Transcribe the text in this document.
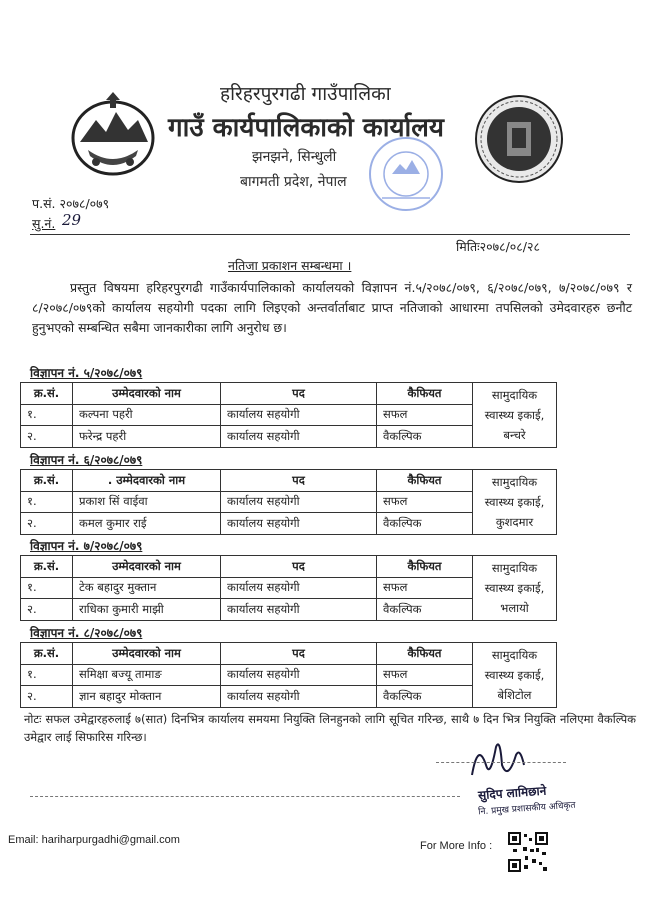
हरिहरपुरगढी गाउँपालिका
गाउँ कार्यपालिकाको कार्यालय
झनझने, सिन्धुली
बागमती प्रदेश, नेपाल
प.सं. २०७८/०७९
सु.नं. 29
मितिः२०७८/०८/२८
नतिजा प्रकाशन सम्बन्धमा ।
प्रस्तुत विषयमा हरिहरपुरगढी गाउँकार्यपालिकाको कार्यालयको विज्ञापन नं.५/२०७८/०७९, ६/२०७८/०७९, ७/२०७८/०७९ र ८/२०७८/०७९को कार्यालय सहयोगी पदका लागि लिइएको अन्तर्वार्ताबाट प्राप्त नतिजाको आधारमा तपसिलको उमेदवारहरु छनौट हुनुभएको सम्बन्धित सबैमा जानकारीका लागि अनुरोध छ।
विज्ञापन नं. ५/२०७८/०७९
क्र.सं.	उम्मेदवारको नाम	पद	कैफियत	सामुदायिक
स्वास्थ्य इकाई,
बन्चरे

१.	कल्पना पहरी	कार्यालय सहयोगी	सफल	
२.	फरेन्द्र पहरी	कार्यालय सहयोगी	वैकल्पिक	
विज्ञापन नं. ६/२०७८/०७९
क्र.सं.	. उम्मेदवारको नाम	पद	कैफियत	सामुदायिक
स्वास्थ्य इकाई,
कुशदमार

१.	प्रकाश सिं वाईवा	कार्यालय सहयोगी	सफल	
२.	कमल कुमार राई	कार्यालय सहयोगी	वैकल्पिक	
विज्ञापन नं. ७/२०७८/०७९
क्र.सं.	उम्मेदवारको नाम	पद	कैफियत	सामुदायिक
स्वास्थ्य इकाई,
भलायो

१.	टेक बहादुर मुक्तान	कार्यालय सहयोगी	सफल	
२.	राधिका कुमारी माझी	कार्यालय सहयोगी	वैकल्पिक	
विज्ञापन नं. ८/२०७८/०७९
क्र.सं.	उम्मेदवारको नाम	पद	कैफियत	सामुदायिक
स्वास्थ्य इकाई,
बेशिटोल

१.	समिक्षा बज्यू तामाङ	कार्यालय सहयोगी	सफल	
२.	ज्ञान बहादुर मोक्तान	कार्यालय सहयोगी	वैकल्पिक	
नोटः सफल उमेद्वारहरुलाई ७(सात) दिनभित्र कार्यालय समयमा नियुक्ति लिनहुनको लागि सूचित गरिन्छ, साथै ७ दिन भित्र नियुक्ति नलिएमा वैकल्पिक उमेद्वार लाई सिफारिस गरिन्छ।
सुदिप लामिछाने
नि. प्रमुख प्रशासकीय अधिकृत
Email: hariharpurgadhi@gmail.com	For More Info :
